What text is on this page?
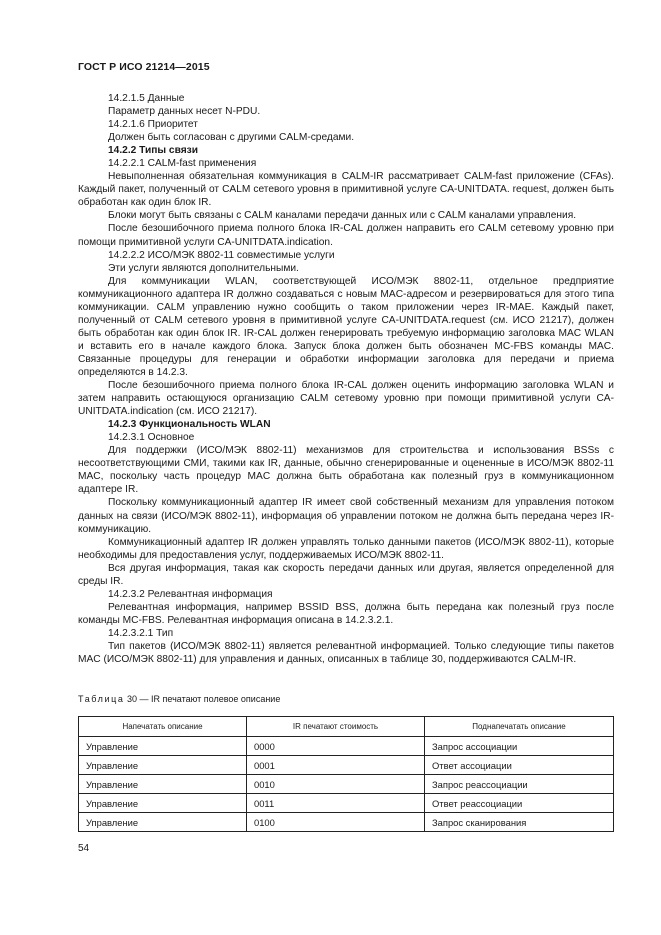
ГОСТ Р ИСО 21214—2015

14.2.1.5 Данные

Параметр данных несет N-PDU.

14.2.1.6 Приоритет

Должен быть согласован с другими CALM-средами.

14.2.2 Типы связи

14.2.2.1 CALM-fast применения

Невыполненная обязательная коммуникация в CALM-IR рассматривает CALM-fast приложение (CFAs). Каждый пакет, полученный от CALM сетевого уровня в примитивной услуге CA-UNITDATA. request, должен быть обработан как один блок IR.

Блоки могут быть связаны с CALM каналами передачи данных или с CALM каналами управления.

После безошибочного приема полного блока IR-CAL должен направить его CALM сетевому уровню при помощи примитивной услуги CA-UNITDATA.indication.

14.2.2.2 ИСО/МЭК 8802-11 совместимые услуги

Эти услуги являются дополнительными.

Для коммуникации WLAN, соответствующей ИСО/МЭК 8802-11, отдельное предприятие коммуникационного адаптера IR должно создаваться с новым MAC-адресом и резервироваться для этого типа коммуникации. CALM управлению нужно сообщить о таком приложении через IR-MAE. Каждый пакет, полученный от CALM сетевого уровня в примитивной услуге CA-UNITDATA.request (см. ИСО 21217), должен быть обработан как один блок IR. IR-CAL должен генерировать требуемую информацию заголовка MAC WLAN и вставить его в начале каждого блока. Запуск блока должен быть обозначен MC-FBS команды MAC. Связанные процедуры для генерации и обработки информации заголовка для передачи и приема определяются в 14.2.3.

После безошибочного приема полного блока IR-CAL должен оценить информацию заголовка WLAN и затем направить остающуюся организацию CALM сетевому уровню при помощи примитивной услуги CA-UNITDATA.indication (см. ИСО 21217).

14.2.3 Функциональность WLAN

14.2.3.1 Основное

Для поддержки (ИСО/МЭК 8802-11) механизмов для строительства и использования BSSs с несоответствующими СМИ, такими как IR, данные, обычно сгенерированные и оцененные в ИСО/МЭК 8802-11 MAC, поскольку часть процедур MAC должна быть обработана как полезный груз в коммуникационном адаптере IR.

Поскольку коммуникационный адаптер IR имеет свой собственный механизм для управления потоком данных на связи (ИСО/МЭК 8802-11), информация об управлении потоком не должна быть передана через IR-коммуникацию.

Коммуникационный адаптер IR должен управлять только данными пакетов (ИСО/МЭК 8802-11), которые необходимы для предоставления услуг, поддерживаемых ИСО/МЭК 8802-11.

Вся другая информация, такая как скорость передачи данных или другая, является определенной для среды IR.

14.2.3.2 Релевантная информация

Релевантная информация, например BSSID BSS, должна быть передана как полезный груз после команды MC-FBS. Релевантная информация описана в 14.2.3.2.1.

14.2.3.2.1 Тип

Тип пакетов (ИСО/МЭК 8802-11) является релевантной информацией. Только следующие типы пакетов MAC (ИСО/МЭК 8802-11) для управления и данных, описанных в таблице 30, поддерживаются CALM-IR.

Таблица 30 — IR печатают полевое описание
Напечатать описание	IR печатают стоимость	Поднапечатать описание
Управление	0000	Запрос ассоциации
Управление	0001	Ответ ассоциации
Управление	0010	Запрос реассоциации
Управление	0011	Ответ реассоциации
Управление	0100	Запрос сканирования
54
